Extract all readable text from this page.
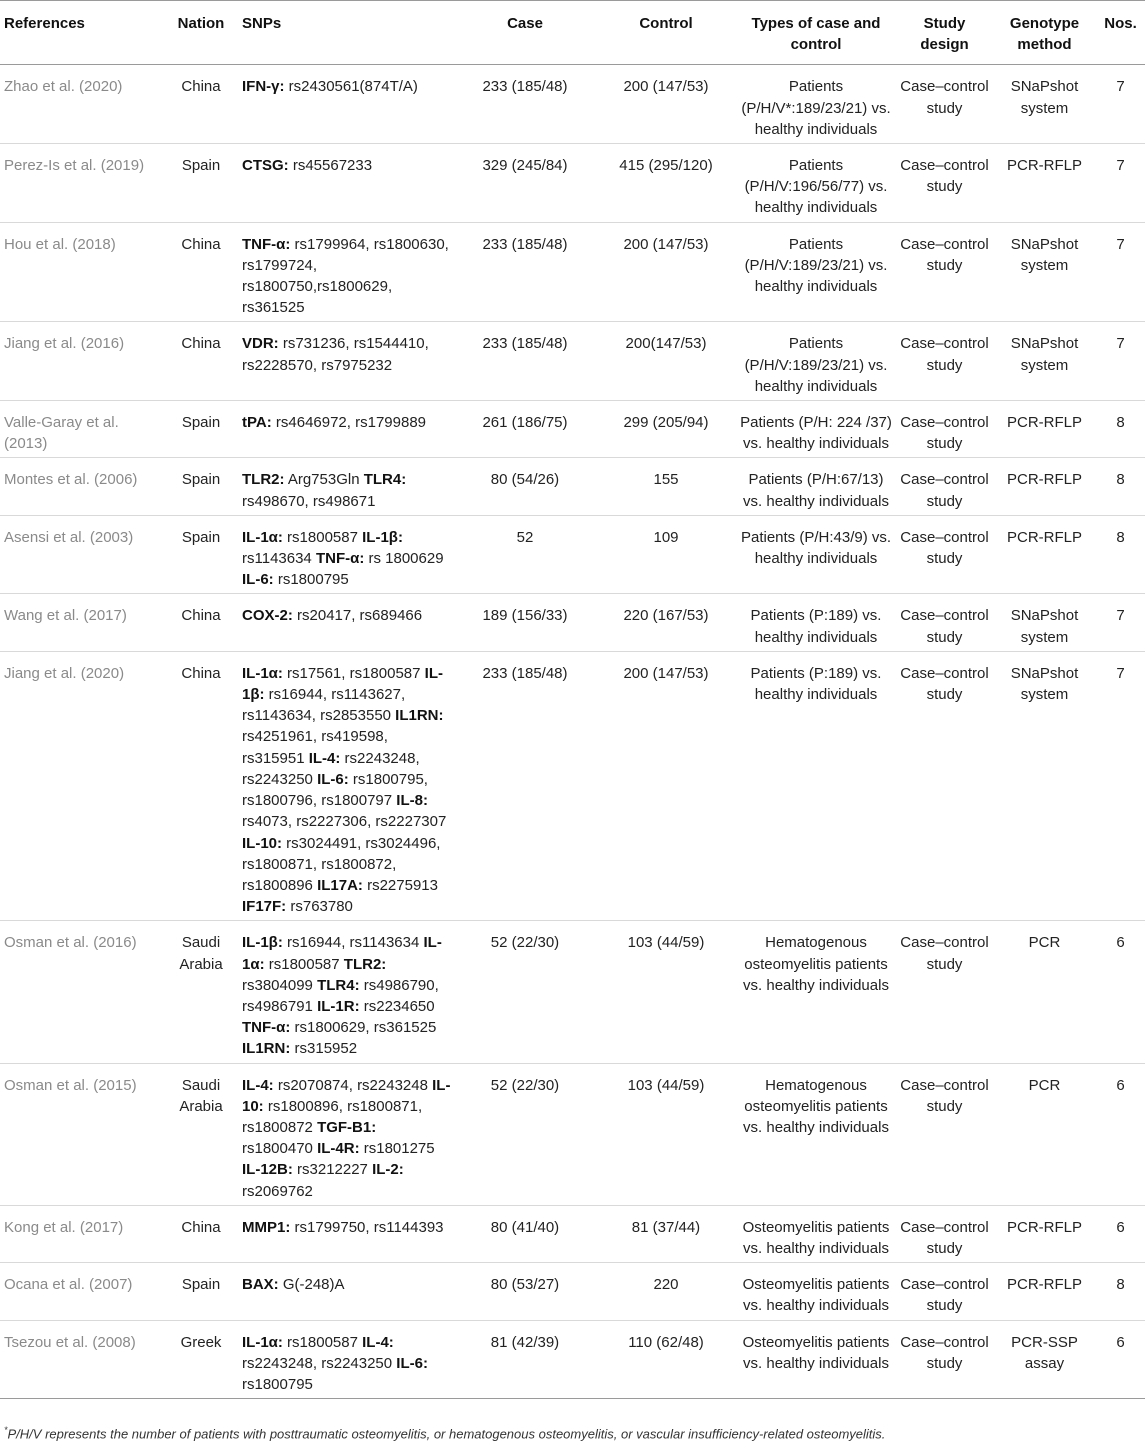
References	Nation	SNPs	Case	Control	Types of case and control	Study design	Genotype method	Nos.
Zhao et al. (2020)	China	IFN-γ: rs2430561(874T/A)	233 (185/48)	200 (147/53)	Patients (P/H/V*:189/23/21) vs. healthy individuals	Case–control study	SNaPshot system	7
Perez-Is et al. (2019)	Spain	CTSG: rs45567233	329 (245/84)	415 (295/120)	Patients (P/H/V:196/56/77) vs. healthy individuals	Case–control study	PCR-RFLP	7
Hou et al. (2018)	China	TNF-α: rs1799964, rs1800630, rs1799724, rs1800750,rs1800629, rs361525	233 (185/48)	200 (147/53)	Patients (P/H/V:189/23/21) vs. healthy individuals	Case–control study	SNaPshot system	7
Jiang et al. (2016)	China	VDR: rs731236, rs1544410, rs2228570, rs7975232	233 (185/48)	200(147/53)	Patients (P/H/V:189/23/21) vs. healthy individuals	Case–control study	SNaPshot system	7
Valle-Garay et al. (2013)	Spain	tPA: rs4646972, rs1799889	261 (186/75)	299 (205/94)	Patients (P/H: 224 /37) vs. healthy individuals	Case–control study	PCR-RFLP	8
Montes et al. (2006)	Spain	TLR2: Arg753Gln TLR4: rs498670, rs498671	80 (54/26)	155	Patients (P/H:67/13) vs. healthy individuals	Case–control study	PCR-RFLP	8
Asensi et al. (2003)	Spain	IL-1α: rs1800587 IL-1β: rs1143634 TNF-α: rs 1800629 IL-6: rs1800795	52	109	Patients (P/H:43/9) vs. healthy individuals	Case–control study	PCR-RFLP	8
Wang et al. (2017)	China	COX-2: rs20417, rs689466	189 (156/33)	220 (167/53)	Patients (P:189) vs. healthy individuals	Case–control study	SNaPshot system	7
Jiang et al. (2020)	China	IL-1α: rs17561, rs1800587 IL-1β: rs16944, rs1143627, rs1143634, rs2853550 IL1RN: rs4251961, rs419598, rs315951 IL-4: rs2243248, rs2243250 IL-6: rs1800795, rs1800796, rs1800797 IL-8: rs4073, rs2227306, rs2227307 IL-10: rs3024491, rs3024496, rs1800871, rs1800872, rs1800896 IL17A: rs2275913 IF17F: rs763780	233 (185/48)	200 (147/53)	Patients (P:189) vs. healthy individuals	Case–control study	SNaPshot system	7
Osman et al. (2016)	Saudi Arabia	IL-1β: rs16944, rs1143634 IL-1α: rs1800587 TLR2: rs3804099 TLR4: rs4986790, rs4986791 IL-1R: rs2234650 TNF-α: rs1800629, rs361525 IL1RN: rs315952	52 (22/30)	103 (44/59)	Hematogenous osteomyelitis patients vs. healthy individuals	Case–control study	PCR	6
Osman et al. (2015)	Saudi Arabia	IL-4: rs2070874, rs2243248 IL-10: rs1800896, rs1800871, rs1800872 TGF-B1: rs1800470 IL-4R: rs1801275 IL-12B: rs3212227 IL-2: rs2069762	52 (22/30)	103 (44/59)	Hematogenous osteomyelitis patients vs. healthy individuals	Case–control study	PCR	6
Kong et al. (2017)	China	MMP1: rs1799750, rs1144393	80 (41/40)	81 (37/44)	Osteomyelitis patients vs. healthy individuals	Case–control study	PCR-RFLP	6
Ocana et al. (2007)	Spain	BAX: G(-248)A	80 (53/27)	220	Osteomyelitis patients vs. healthy individuals	Case–control study	PCR-RFLP	8
Tsezou et al. (2008)	Greek	IL-1α: rs1800587 IL-4: rs2243248, rs2243250 IL-6: rs1800795	81 (42/39)	110 (62/48)	Osteomyelitis patients vs. healthy individuals	Case–control study	PCR-SSP assay	6
*P/H/V represents the number of patients with posttraumatic osteomyelitis, or hematogenous osteomyelitis, or vascular insufficiency-related osteomyelitis.
